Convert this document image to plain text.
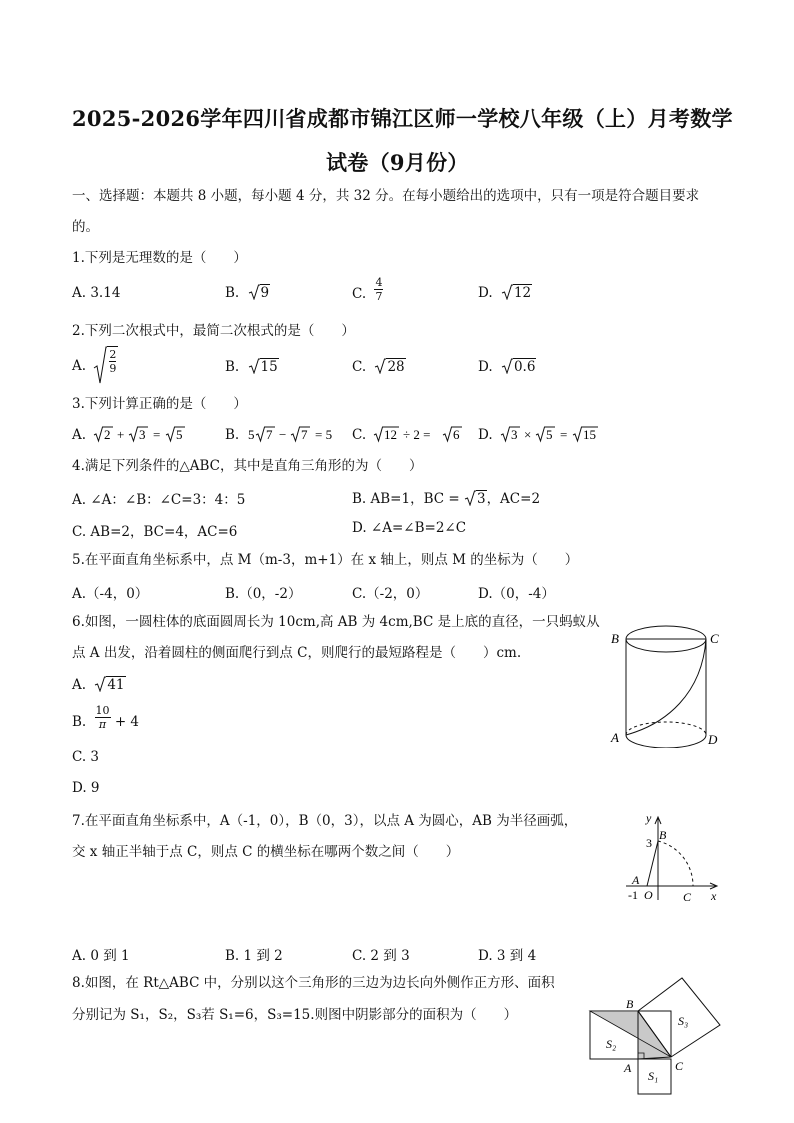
2025-2026学年四川省成都市锦江区师一学校八年级（上）月考数学
试卷（9月份）
一、选择题：本题共 8 小题，每小题 4 分，共 32 分。在每小题给出的选项中，只有一项是符合题目要求
的。
1.下列是无理数的是（　　）
A. 3.14	B. 9	C. $\frac{4}{7}$	D. 12
2.下列二次根式中，最简二次根式的是（　　）
A. $\frac{2}{9}$	B. 15	C. 28	D. 0.6
3.下列计算正确的是（　　）
A. 2 + 3 = 5	B. 5 7 − 7 = 5 C. 12 ÷ 2 = 6 D. 3 × 5 = 15
4.满足下列条件的△ABC，其中是直角三角形的为（　　）
A. ∠A：∠B：∠C=3：4：5	B. AB=1，BC = 3，AC=2
C. AB=2，BC=4，AC=6	D. ∠A=∠B=2∠C
5.在平面直角坐标系中，点 M（m-3，m+1）在 x 轴上，则点 M 的坐标为（　　）
A.（-4，0）	B.（0，-2）	C.（-2，0）	D.（0，-4）
6.如图，一圆柱体的底面圆周长为 10cm,高 AB 为 4cm,BC 是上底的直径，一只蚂蚁从
点 A 出发，沿着圆柱的侧面爬行到点 C，则爬行的最短路程是（　　）cm.
A. 41
B. $\frac{10}{\pi} + 4$
C. 3
D. 9
B	C
A	D
7.在平面直角坐标系中，A（-1，0），B（0，3），以点 A 为圆心，AB 为半径画弧，
交 x 轴正半轴于点 C，则点 C 的横坐标在哪两个数之间（　　）
A. 0 到 1	B. 1 到 2	C. 2 到 3	D. 3 到 4
y
x
3
B
A
-1 O	C
8.如图，在 Rt△ABC 中，分别以这个三角形的三边为边长向外侧作正方形、面积
分别记为 S₁，S₂，S₃若 S₁=6，S₃=15.则图中阴影部分的面积为（　　）
B
S₃
S₂
A	C
S₁
